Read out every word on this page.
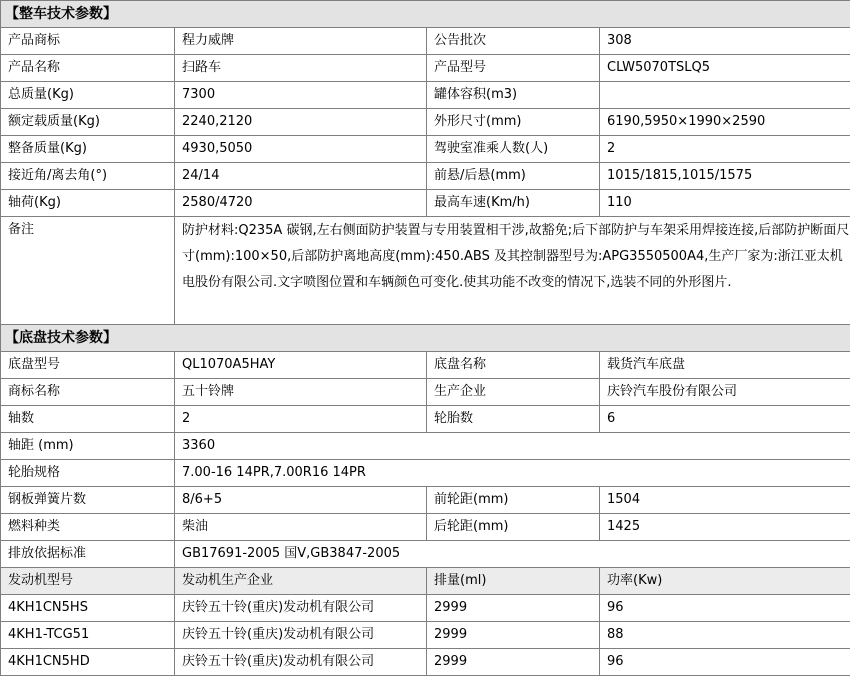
【整车技术参数】			
产品商标	程力威牌	公告批次	308
产品名称	扫路车	产品型号	CLW5070TSLQ5
总质量(Kg)	7300	罐体容积(m3)	
额定载质量(Kg)	2240,2120	外形尺寸(mm)	6190,5950×1990×2590
整备质量(Kg)	4930,5050	驾驶室准乘人数(人)	2
接近角/离去角(°)	24/14	前悬/后悬(mm)	1015/1815,1015/1575
轴荷(Kg)	2580/4720	最高车速(Km/h)	110
备注	防护材料:Q235A 碳钢,左右侧面防护装置与专用装置相干涉,故豁免;后下部防护与车架采用焊接连接,后部防护断面尺寸(mm):100×50,后部防护离地高度(mm):450.ABS 及其控制器型号为:APG3550500A4,生产厂家为:浙江亚太机电股份有限公司.文字喷图位置和车辆颜色可变化.使其功能不改变的情况下,选装不同的外形图片.		
【底盘技术参数】			
底盘型号	QL1070A5HAY	底盘名称	载货汽车底盘
商标名称	五十铃牌	生产企业	庆铃汽车股份有限公司
轴数	2	轮胎数	6
轴距 (mm)	3360		
轮胎规格	7.00-16 14PR,7.00R16 14PR		
钢板弹簧片数	8/6+5	前轮距(mm)	1504
燃料种类	柴油	后轮距(mm)	1425
排放依据标准	GB17691-2005 国Ⅴ,GB3847-2005		
发动机型号	发动机生产企业	排量(ml)	功率(Kw)
4KH1CN5HS	庆铃五十铃(重庆)发动机有限公司	2999	96
4KH1-TCG51	庆铃五十铃(重庆)发动机有限公司	2999	88
4KH1CN5HD	庆铃五十铃(重庆)发动机有限公司	2999	96
